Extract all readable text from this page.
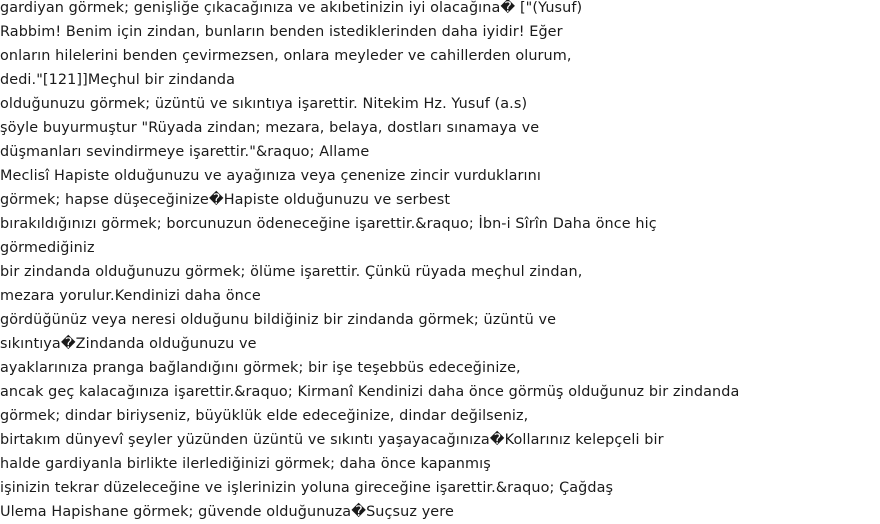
gardiyan görmek; genişliğe çıkacağınıza ve akıbetinizin iyi olacağına� ["(Yusuf)
Rabbim! Benim için zindan, bunların benden istediklerinden daha iyidir! Eğer
onların hilelerini benden çevirmezsen, onlara meyleder ve cahillerden olurum,
dedi."[121]]Meçhul bir zindanda
olduğunuzu görmek; üzüntü ve sıkıntıya işarettir. Nitekim Hz. Yusuf (a.s)
şöyle buyurmuştur "Rüyada zindan; mezara, belaya, dostları sınamaya ve
düşmanları sevindirmeye işarettir."&raquo; Allame
Meclisî Hapiste olduğunuzu ve ayağınıza veya çenenize zincir vurduklarını
görmek; hapse düşeceğinize�Hapiste olduğunuzu ve serbest
bırakıldığınızı görmek; borcunuzun ödeneceğine işarettir.&raquo; İbn-i Sîrîn Daha önce hiç
görmediğiniz
bir zindanda olduğunuzu görmek; ölüme işarettir. Çünkü rüyada meçhul zindan,
mezara yorulur.Kendinizi daha önce
gördüğünüz veya neresi olduğunu bildiğiniz bir zindanda görmek; üzüntü ve
sıkıntıya�Zindanda olduğunuzu ve
ayaklarınıza pranga bağlandığını görmek; bir işe teşebbüs edeceğinize,
ancak geç kalacağınıza işarettir.&raquo; Kirmanî Kendinizi daha önce görmüş olduğunuz bir zindanda
görmek; dindar biriyseniz, büyüklük elde edeceğinize, dindar değilseniz,
birtakım dünyevî şeyler yüzünden üzüntü ve sıkıntı yaşayacağınıza�Kollarınız kelepçeli bir
halde gardiyanla birlikte ilerlediğinizi görmek; daha önce kapanmış
işinizin tekrar düzeleceğine ve işlerinizin yoluna gireceğine işarettir.&raquo; Çağdaş
Ulema Hapishane görmek; güvende olduğunuza�Suçsuz yere
